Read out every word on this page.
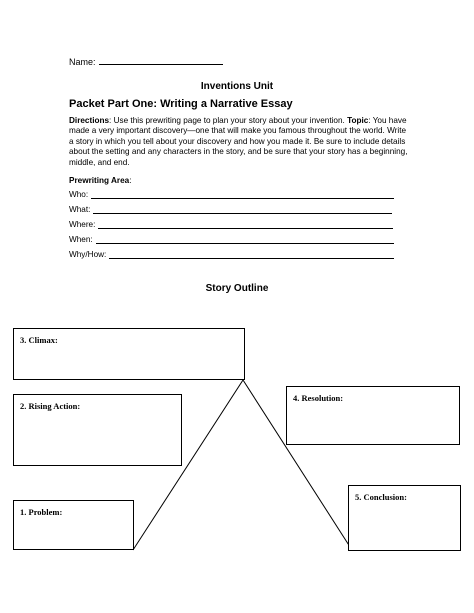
Name:
Inventions Unit
Packet Part One: Writing a Narrative Essay
Directions: Use this prewriting page to plan your story about your invention. Topic: You have made a very important discovery—one that will make you famous throughout the world. Write a story in which you tell about your discovery and how you made it. Be sure to include details about the setting and any characters in the story, and be sure that your story has a beginning, middle, and end.
Prewriting Area:
Who:
What:
Where:
When:
Why/How:
Story Outline
3. Climax:
2. Rising Action:
4. Resolution:
5. Conclusion:
1. Problem:
